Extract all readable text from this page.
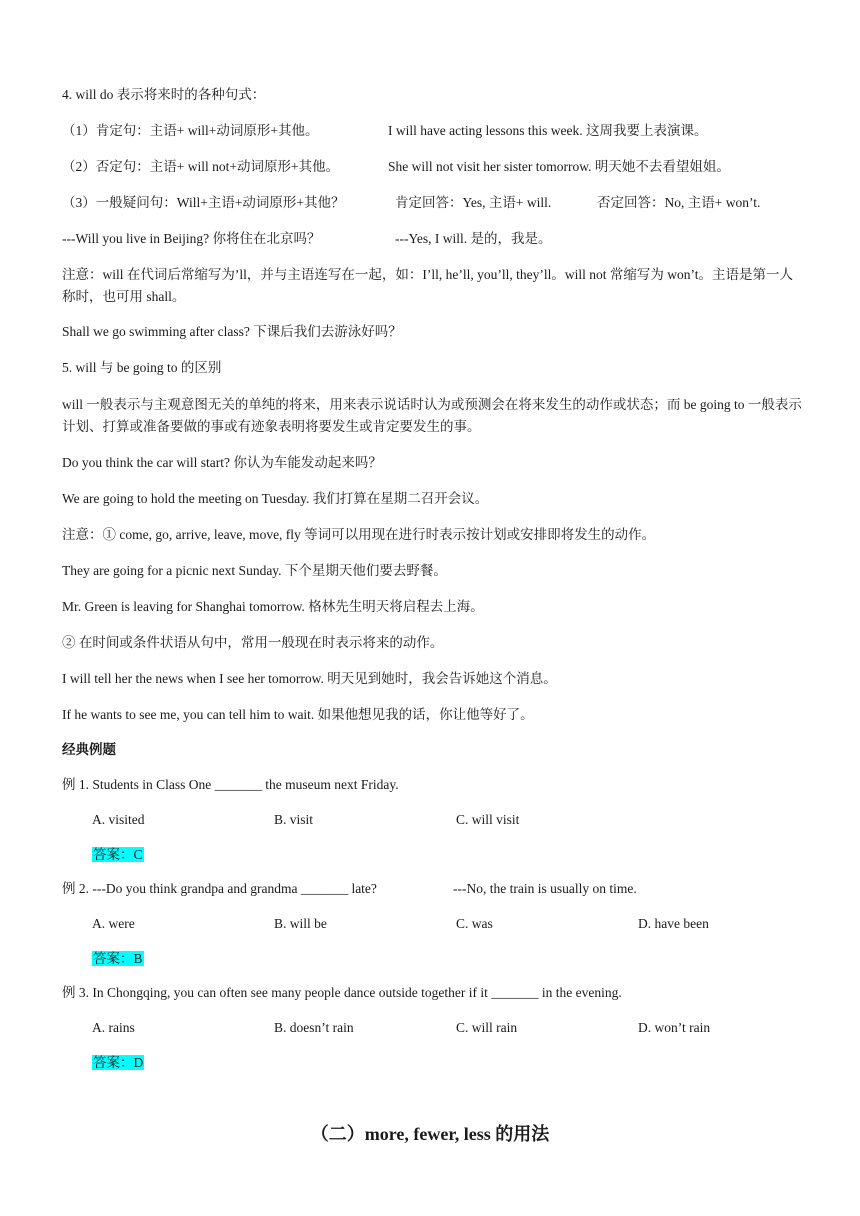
4. will do 表示将来时的各种句式：
（1）肯定句：主语+ will+动词原形+其他。	I will have acting lessons this week. 这周我要上表演课。
（2）否定句：主语+ will not+动词原形+其他。	She will not visit her sister tomorrow. 明天她不去看望姐姐。
（3）一般疑问句：Will+主语+动词原形+其他？	肯定回答：Yes, 主语+ will.	否定回答：No, 主语+ won’t.
---Will you live in Beijing? 你将住在北京吗？	---Yes, I will. 是的，我是。
注意：will 在代词后常缩写为’ll，并与主语连写在一起，如：I’ll, he’ll, you’ll, they’ll。will not 常缩写为 won’t。主语是第一人称时，也可用 shall。
Shall we go swimming after class? 下课后我们去游泳好吗？
5. will 与 be going to 的区别
will 一般表示与主观意图无关的单纯的将来，用来表示说话时认为或预测会在将来发生的动作或状态；而 be going to 一般表示计划、打算或准备要做的事或有迹象表明将要发生或肯定要发生的事。
Do you think the car will start? 你认为车能发动起来吗？
We are going to hold the meeting on Tuesday. 我们打算在星期二召开会议。
注意：① come, go, arrive, leave, move, fly 等词可以用现在进行时表示按计划或安排即将发生的动作。
They are going for a picnic next Sunday. 下个星期天他们要去野餐。
Mr. Green is leaving for Shanghai tomorrow. 格林先生明天将启程去上海。
② 在时间或条件状语从句中，常用一般现在时表示将来的动作。
I will tell her the news when I see her tomorrow. 明天见到她时，我会告诉她这个消息。
If he wants to see me, you can tell him to wait. 如果他想见我的话，你让他等好了。
经典例题
例 1. Students in Class One _______ the museum next Friday.
A. visited	B. visit	C. will visit
答案：C
例 2. ---Do you think grandpa and grandma _______ late?	---No, the train is usually on time.
A. were	B. will be	C. was	D. have been
答案：B
例 3. In Chongqing, you can often see many people dance outside together if it _______ in the evening.
A. rains	B. doesn’t rain	C. will rain	D. won’t rain
答案：D
（二）more, fewer, less 的用法
